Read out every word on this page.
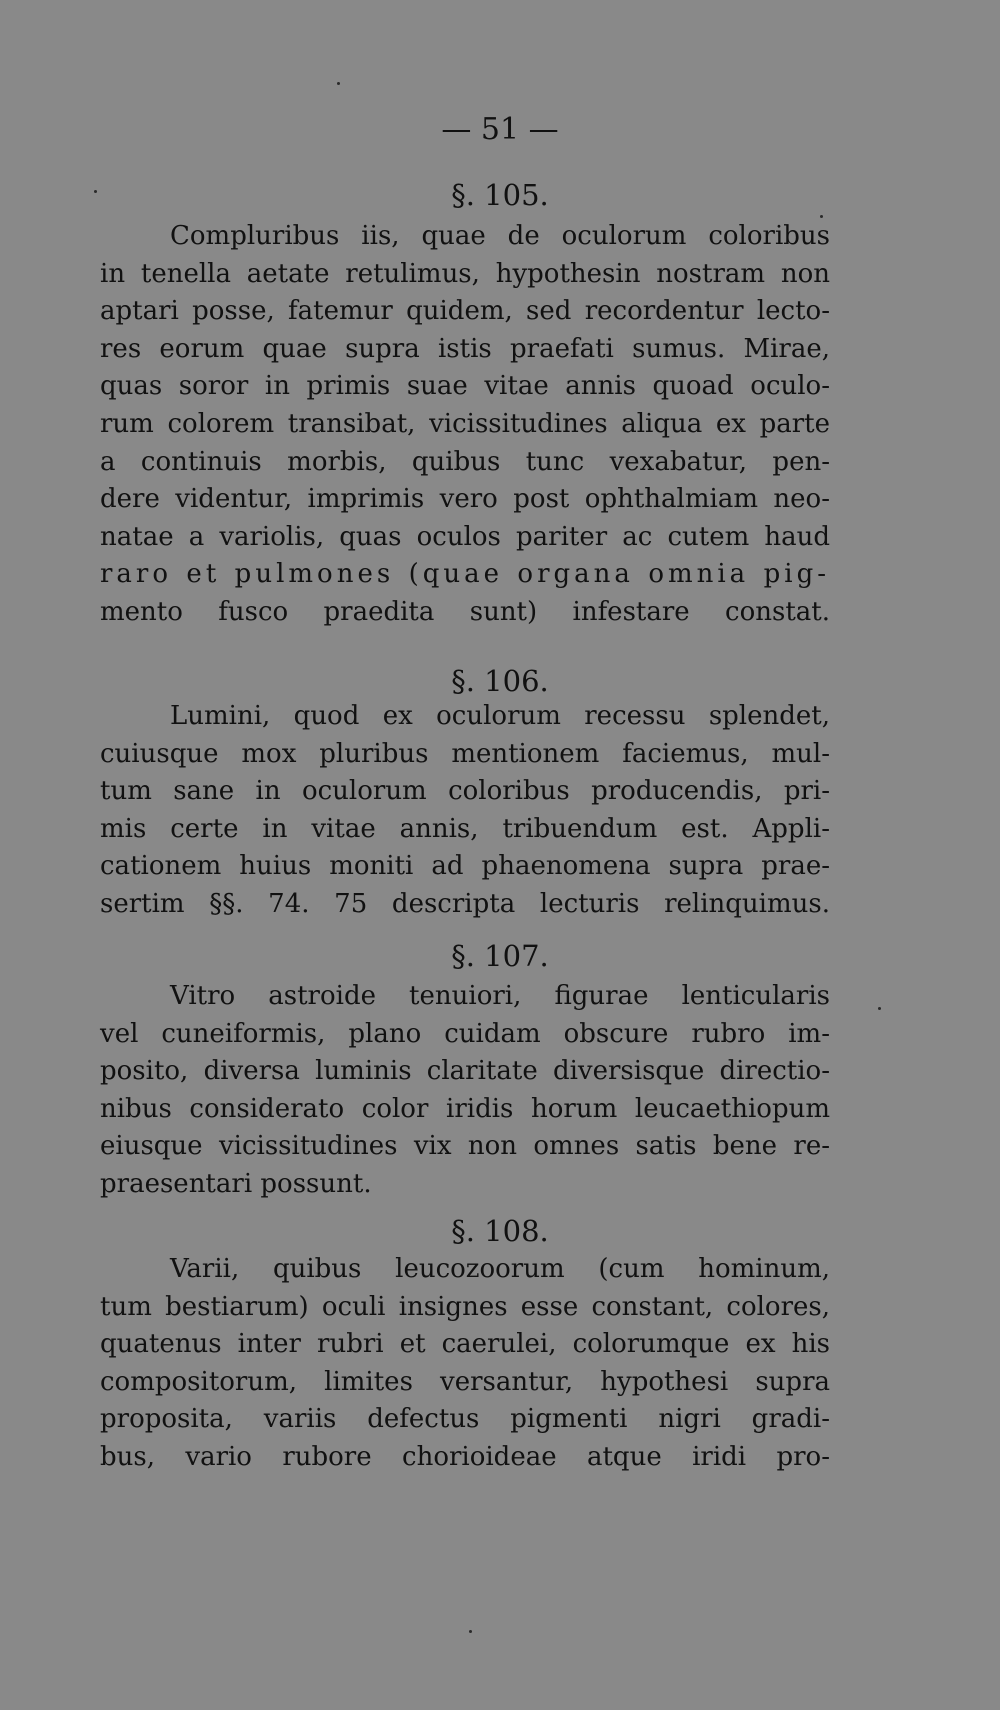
— 51 —
§. 105.
Compluribus iis, quae de oculorum coloribus
in tenella aetate retulimus, hypothesin nostram non
aptari posse, fatemur quidem, sed recordentur lecto-
res eorum quae supra istis praefati sumus. Mirae,
quas soror in primis suae vitae annis quoad oculo-
rum colorem transibat, vicissitudines aliqua ex parte
a continuis morbis, quibus tunc vexabatur, pen-
dere videntur, imprimis vero post ophthalmiam neo-
natae a variolis, quas oculos pariter ac cutem haud
raro et pulmones (quae organa omnia pig-
mento fusco praedita sunt) infestare constat.
§. 106.
Lumini, quod ex oculorum recessu splendet,
cuiusque mox pluribus mentionem faciemus, mul-
tum sane in oculorum coloribus producendis, pri-
mis certe in vitae annis, tribuendum est. Appli-
cationem huius moniti ad phaenomena supra prae-
sertim §§. 74. 75 descripta lecturis relinquimus.
§. 107.
Vitro astroide tenuiori, figurae lenticularis
vel cuneiformis, plano cuidam obscure rubro im-
posito, diversa luminis claritate diversisque directio-
nibus considerato color iridis horum leucaethiopum
eiusque vicissitudines vix non omnes satis bene re-
praesentari possunt.
§. 108.
Varii, quibus leucozoorum (cum hominum,
tum bestiarum) oculi insignes esse constant, colores,
quatenus inter rubri et caerulei, colorumque ex his
compositorum, limites versantur, hypothesi supra
proposita, variis defectus pigmenti nigri gradi-
bus, vario rubore chorioideae atque iridi pro-
